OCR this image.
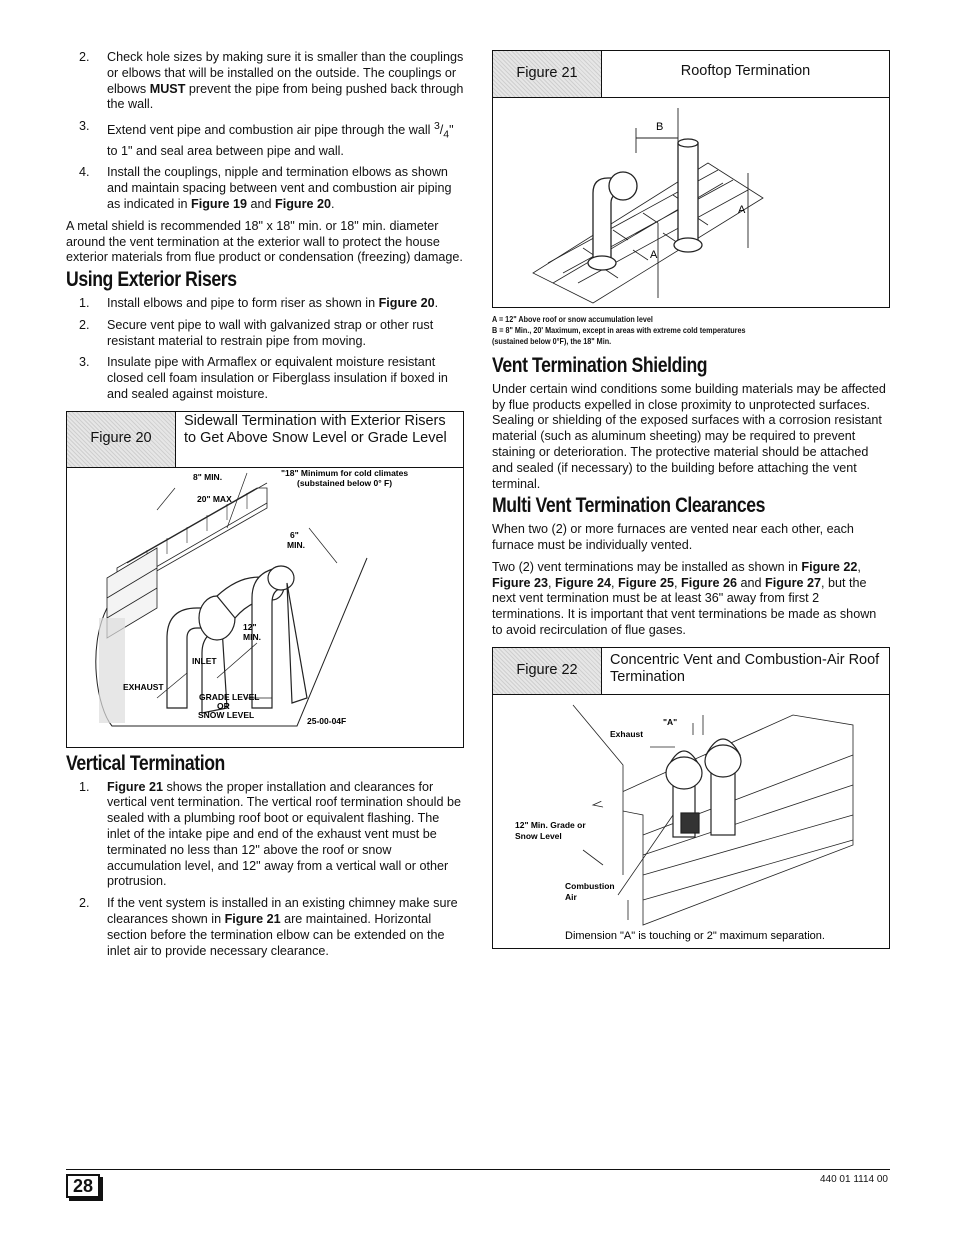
2. Check hole sizes by making sure it is smaller than the couplings or elbows that will be installed on the outside. The couplings or elbows MUST prevent the pipe from being pushed back through the wall.
3. Extend vent pipe and combustion air pipe through the wall $^3/_4$" to 1" and seal area between pipe and wall.
4. Install the couplings, nipple and termination elbows as shown and maintain spacing between vent and combustion air piping as indicated in Figure 19 and Figure 20.

A metal shield is recommended 18" x 18" min. or 18" min. diameter around the vent termination at the exterior wall to protect the house exterior materials from flue product or condensation (freezing) damage.

Using Exterior Risers
1. Install elbows and pipe to form riser as shown in Figure 20.
2. Secure vent pipe to wall with galvanized strap or other rust resistant material to restrain pipe from moving.
3. Insulate pipe with Armaflex or equivalent moisture resistant closed cell foam insulation or Fiberglass insulation if boxed in and sealed against moisture.
Figure 20
Sidewall Termination with Exterior Risers to Get Above Snow Level or Grade Level
8" MIN.
20" MAX
"18" Minimum for cold climates
(substained below 0° F)
6"
MIN.
12"
MIN.
INLET
EXHAUST
GRADE LEVEL
OR
SNOW LEVEL
25-00-04F
Vertical Termination
1. Figure 21 shows the proper installation and clearances for vertical vent termination. The vertical roof termination should be sealed with a plumbing roof boot or equivalent flashing. The inlet of the intake pipe and end of the exhaust vent must be terminated no less than 12" above the roof or snow accumulation level, and 12" away from a vertical wall or other protrusion.
2. If the vent system is installed in an existing chimney make sure clearances shown in Figure 21 are maintained. Horizontal section before the termination elbow can be extended on the inlet air to provide necessary clearance.
Figure 21	Rooftop Termination
B
A
A
A = 12" Above roof or snow accumulation level
B = 8" Min., 20' Maximum, except in areas with extreme cold temperatures
(sustained below 0°F), the 18" Min.
Vent Termination Shielding

Under certain wind conditions some building materials may be affected by flue products expelled in close proximity to unprotected surfaces. Sealing or shielding of the exposed surfaces with a corrosion resistant material (such as aluminum sheeting) may be required to prevent staining or deterioration. The protective material should be attached and sealed (if necessary) to the building before attaching the vent terminal.

Multi Vent Termination Clearances

When two (2) or more furnaces are vented near each other, each furnace must be individually vented.

Two (2) vent terminations may be installed as shown in Figure 22, Figure 23, Figure 24, Figure 25, Figure 26 and Figure 27, but the next vent termination must be at least 36" away from first 2 terminations. It is important that vent terminations be made as shown to avoid recirculation of flue gases.

Figure 22
Concentric Vent and Combustion-Air Roof Termination
"A"
Exhaust
12" Min. Grade or
Snow Level
Combustion
Air
Dimension "A" is touching or 2" maximum separation.
28	440 01 1114 00
